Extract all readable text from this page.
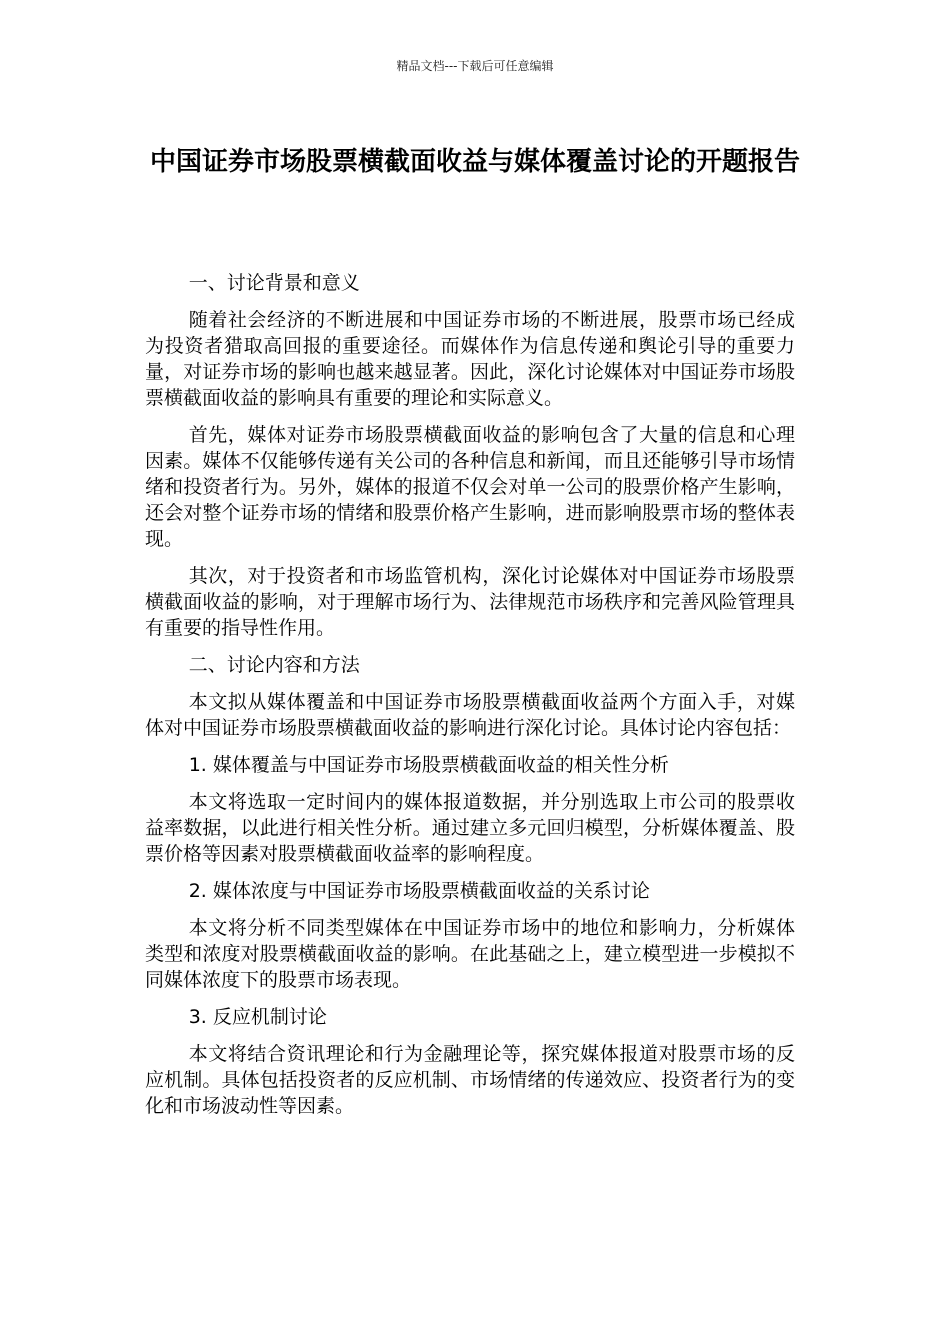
精品文档---下载后可任意编辑
中国证券市场股票横截面收益与媒体覆盖讨论的开题报告

一、讨论背景和意义

随着社会经济的不断进展和中国证券市场的不断进展，股票市场已经成为投资者猎取高回报的重要途径。而媒体作为信息传递和舆论引导的重要力量，对证券市场的影响也越来越显著。因此，深化讨论媒体对中国证券市场股票横截面收益的影响具有重要的理论和实际意义。

首先，媒体对证券市场股票横截面收益的影响包含了大量的信息和心理因素。媒体不仅能够传递有关公司的各种信息和新闻，而且还能够引导市场情绪和投资者行为。另外，媒体的报道不仅会对单一公司的股票价格产生影响，还会对整个证券市场的情绪和股票价格产生影响，进而影响股票市场的整体表现。

其次，对于投资者和市场监管机构，深化讨论媒体对中国证券市场股票横截面收益的影响，对于理解市场行为、法律规范市场秩序和完善风险管理具有重要的指导性作用。

二、讨论内容和方法

本文拟从媒体覆盖和中国证券市场股票横截面收益两个方面入手，对媒体对中国证券市场股票横截面收益的影响进行深化讨论。具体讨论内容包括：

1. 媒体覆盖与中国证券市场股票横截面收益的相关性分析

本文将选取一定时间内的媒体报道数据，并分别选取上市公司的股票收益率数据，以此进行相关性分析。通过建立多元回归模型，分析媒体覆盖、股票价格等因素对股票横截面收益率的影响程度。

2. 媒体浓度与中国证券市场股票横截面收益的关系讨论

本文将分析不同类型媒体在中国证券市场中的地位和影响力，分析媒体类型和浓度对股票横截面收益的影响。在此基础之上，建立模型进一步模拟不同媒体浓度下的股票市场表现。

3. 反应机制讨论

本文将结合资讯理论和行为金融理论等，探究媒体报道对股票市场的反应机制。具体包括投资者的反应机制、市场情绪的传递效应、投资者行为的变化和市场波动性等因素。
